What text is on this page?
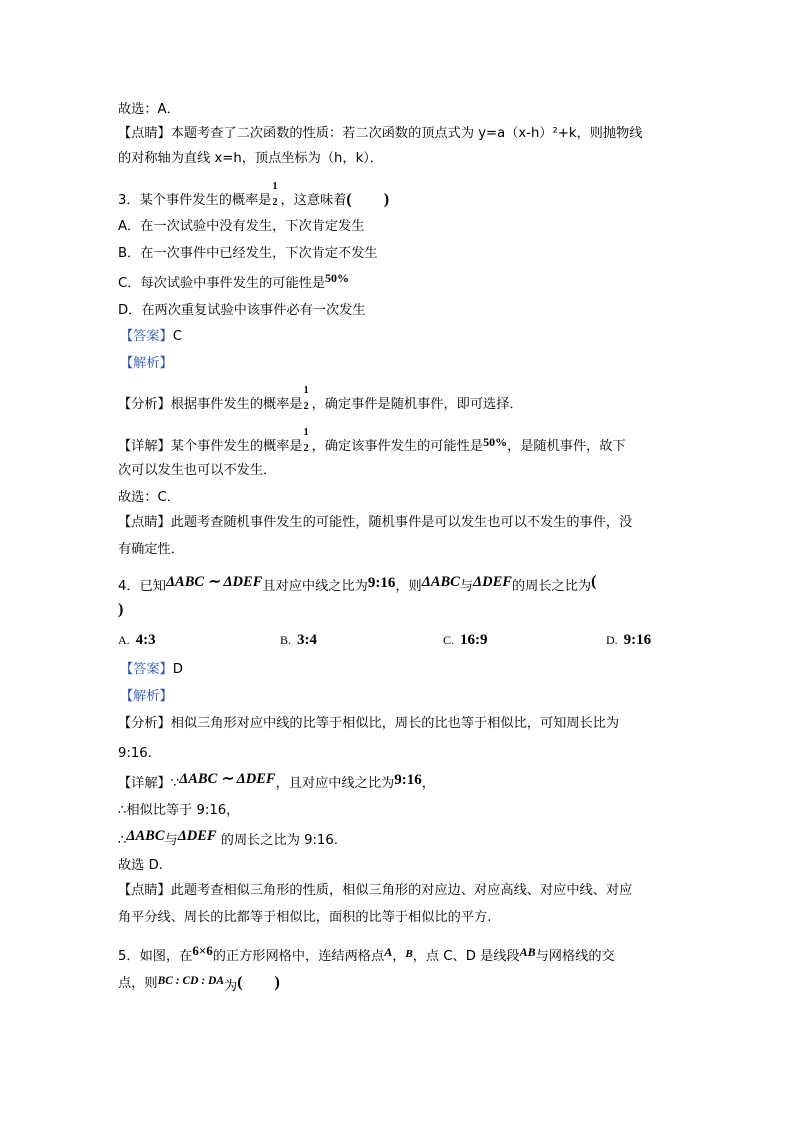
故选：A．
【点睛】本题考查了二次函数的性质：若二次函数的顶点式为 y=a（x-h）²+k，则抛物线
的对称轴为直线 x=h，顶点坐标为（h，k）．
3．某个事件发生的概率是
1
2 ，这意味着(　　)
A．在一次试验中没有发生，下次肯定发生
B．在一次事件中已经发生，下次肯定不发生
C．每次试验中事件发生的可能性是50%
D．在两次重复试验中该事件必有一次发生
【答案】C
【解析】
【分析】根据事件发生的概率是
1
2 ，确定事件是随机事件，即可选择．
【详解】某个事件发生的概率是
1
2 ，确定该事件发生的可能性是50%，是随机事件，故下
次可以发生也可以不发生．
故选：C．
【点睛】此题考查随机事件发生的可能性，随机事件是可以发生也可以不发生的事件，没
有确定性．
4．已知ΔABC ∼ ΔDEF且对应中线之比为9:16，则ΔABC与ΔDEF的周长之比为(
)
A. 4:3	B. 3:4	C. 16:9	D. 9:16
【答案】D
【解析】
【分析】相似三角形对应中线的比等于相似比，周长的比也等于相似比，可知周长比为
9:16.
【详解】∵ΔABC ∼ ΔDEF，且对应中线之比为9:16，
∴相似比等于 9:16，
∴ΔABC与ΔDEF 的周长之比为 9:16.
故选 D.
【点睛】此题考查相似三角形的性质，相似三角形的对应边、对应高线、对应中线、对应
角平分线、周长的比都等于相似比，面积的比等于相似比的平方.
5．如图，在6×6的正方形网格中，连结两格点A，$^B$，点 C、D 是线段AB与网格线的交
点，则BC : CD : DA为(　　)
